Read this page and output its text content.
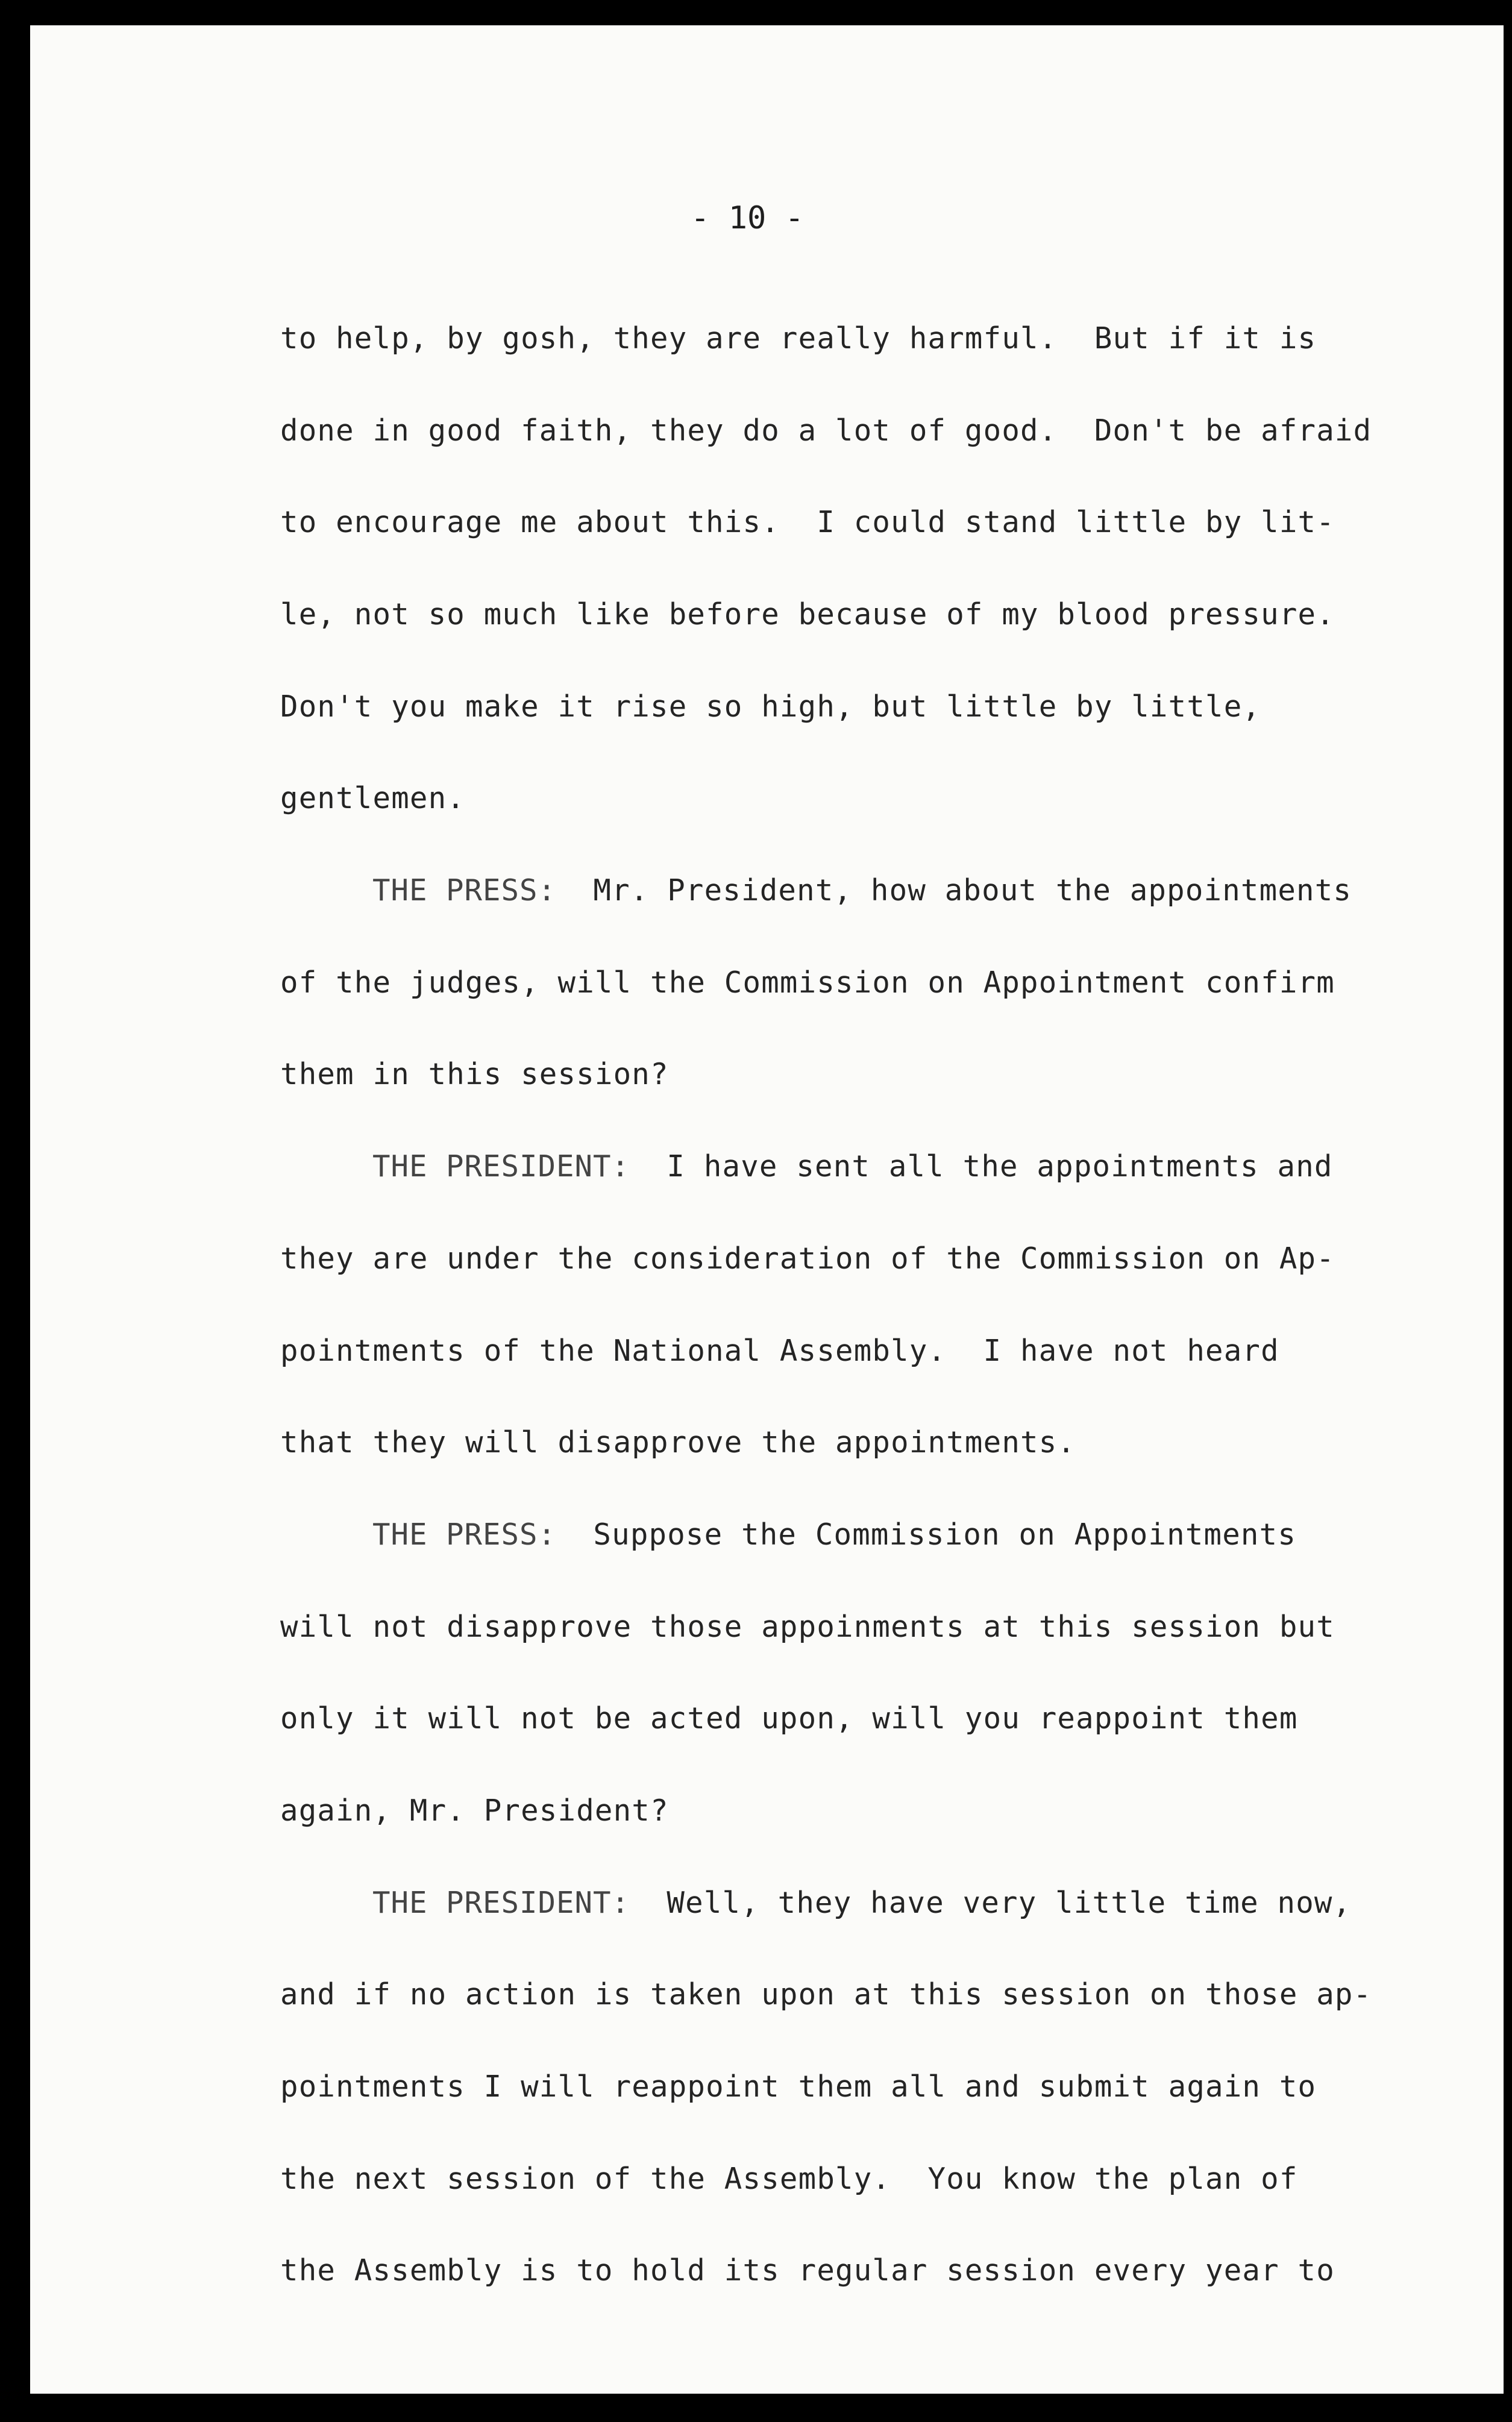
- 10 -
to help, by gosh, they are really harmful.  But if it is
done in good faith, they do a lot of good.  Don't be afraid
to encourage me about this.  I could stand little by lit-
le, not so much like before because of my blood pressure.
Don't you make it rise so high, but little by little,
gentlemen.
THE PRESS:  Mr. President, how about the appointments
of the judges, will the Commission on Appointment confirm
them in this session?
THE PRESIDENT:  I have sent all the appointments and
they are under the consideration of the Commission on Ap-
pointments of the National Assembly.  I have not heard
that they will disapprove the appointments.
THE PRESS:  Suppose the Commission on Appointments
will not disapprove those appoinments at this session but
only it will not be acted upon, will you reappoint them
again, Mr. President?
THE PRESIDENT:  Well, they have very little time now,
and if no action is taken upon at this session on those ap-
pointments I will reappoint them all and submit again to
the next session of the Assembly.  You know the plan of
the Assembly is to hold its regular session every year to
